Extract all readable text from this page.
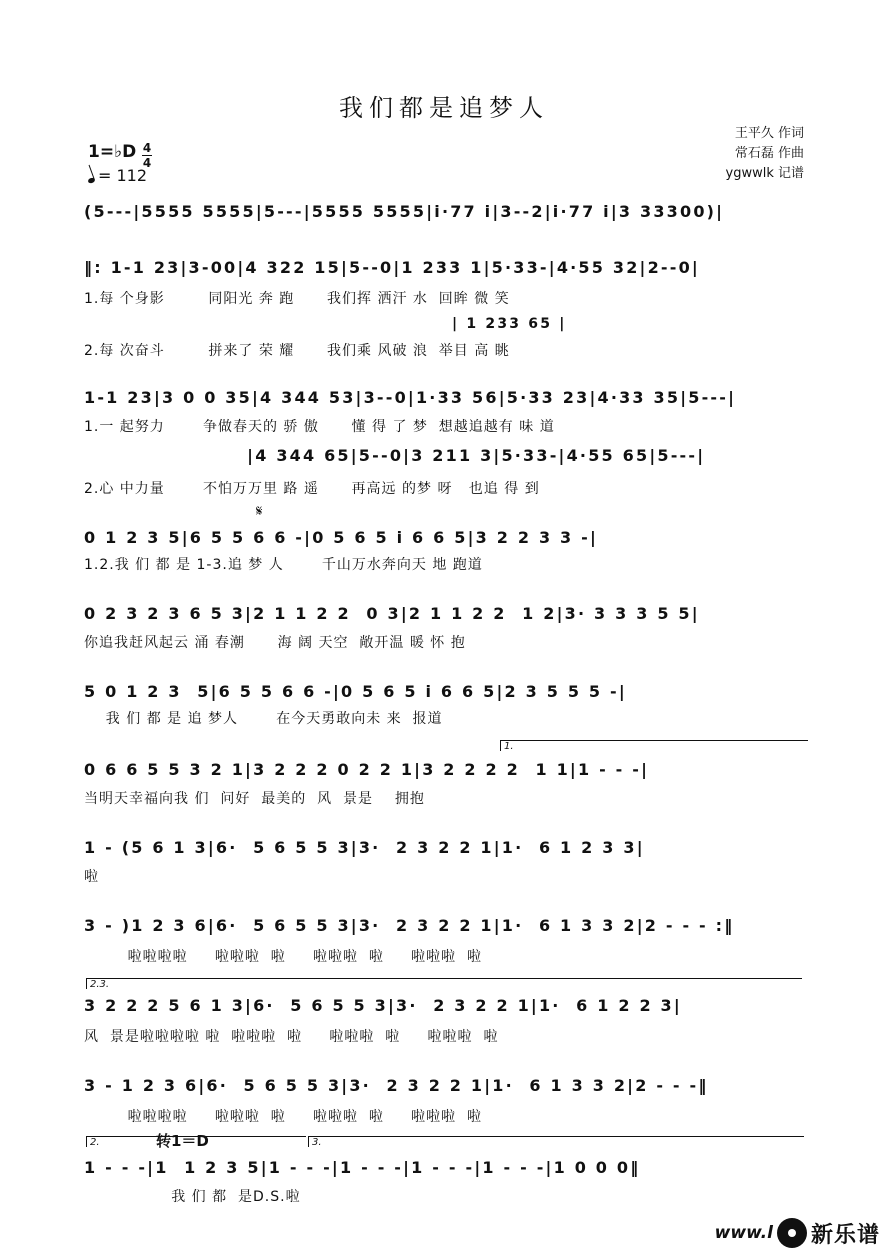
我们都是追梦人
王平久 作词
常石磊 作曲
ygwwlk 记谱
1=♭D 4
4
= 112
(5---|5555 5555|5---|5555 5555|i·77 i|3--2|i·77 i|3 33300)|
‖: 1-1 23|3-00|4 322 15|5--0|1 233 1|5·33-|4·55 32|2--0|
1.每 个身影        同阳光 奔 跑      我们挥 洒汗 水  回眸 微 笑
| 1 233 65 |
2.每 次奋斗        拼来了 荣 耀      我们乘 风破 浪  举目 高 眺
1-1 23|3 0 0 35|4 344 53|3--0|1·33 56|5·33 23|4·33 35|5---|
1.一 起努力       争做春天的 骄 傲      懂 得 了 梦  想越追越有 味 道
|4 344 65|5--0|3 211 3|5·33-|4·55 65|5---|
2.心 中力量       不怕万万里 路 遥      再高远 的梦 呀   也追 得 到
𝄋
0 1 2 3 5|6 5 5 6 6 -|0 5 6 5 i 6 6 5|3 2 2 3 3 -|
1.2.我 们 都 是 1-3.追 梦 人       千山万水奔向天 地 跑道
0 2 3 2 3 6 5 3|2 1 1 2 2  0 3|2 1 1 2 2  1 2|3· 3 3 3 5 5|
你追我赶风起云 涌 春潮      海 阔 天空  敞开温 暖 怀 抱
5 0 1 2 3  5|6 5 5 6 6 -|0 5 6 5 i 6 6 5|2 3 5 5 5 -|
我 们 都 是 追 梦人       在今天勇敢向未 来  报道
1.
0 6 6 5 5 3 2 1|3 2 2 2 0 2 2 1|3 2 2 2 2  1 1|1 - - -|
当明天幸福向我 们  问好  最美的  风  景是    拥抱
1 - (5 6 1 3|6·  5 6 5 5 3|3·  2 3 2 2 1|1·  6 1 2 3 3|
啦
3 - )1 2 3 6|6·  5 6 5 5 3|3·  2 3 2 2 1|1·  6 1 3 3 2|2 - - - :‖
啦啦啦啦     啦啦啦  啦     啦啦啦  啦     啦啦啦  啦
2.3.
3 2 2 2 5 6 1 3|6·  5 6 5 5 3|3·  2 3 2 2 1|1·  6 1 2 2 3|
风  景是啦啦啦啦 啦  啦啦啦  啦     啦啦啦  啦     啦啦啦  啦
3 - 1 2 3 6|6·  5 6 5 5 3|3·  2 3 2 2 1|1·  6 1 3 3 2|2 - - -‖
啦啦啦啦     啦啦啦  啦     啦啦啦  啦     啦啦啦  啦
2.	转1＝D	3.
1 - - -|1  1 2 3 5|1 - - -|1 - - -|1 - - -|1 - - -|1 0 0 0‖
我 们 都  是D.S.啦
www.l 新乐谱
